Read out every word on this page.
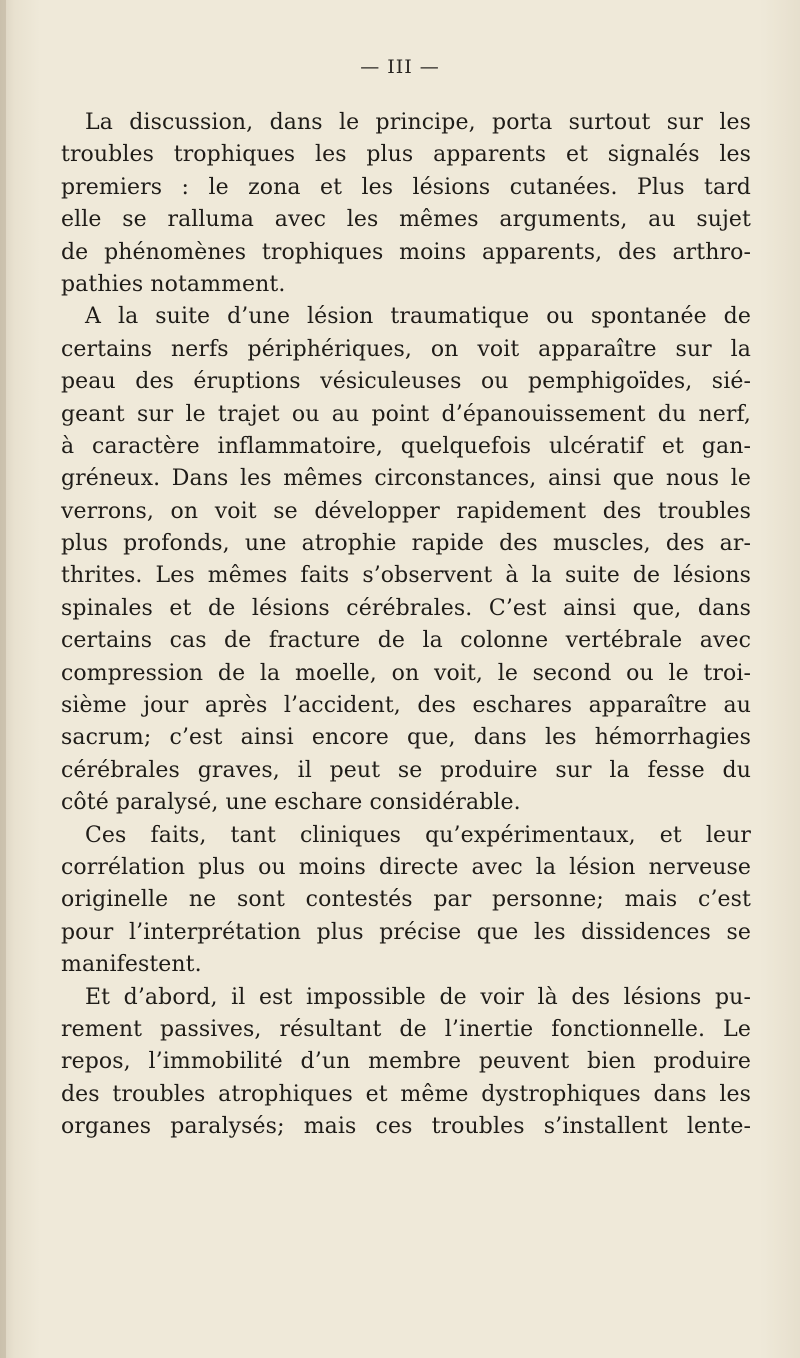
— III —
La discussion, dans le principe, porta surtout sur les
troubles trophiques les plus apparents et signalés les
premiers : le zona et les lésions cutanées. Plus tard
elle se ralluma avec les mêmes arguments, au sujet
de phénomènes trophiques moins apparents, des arthro-
pathies notamment.
A la suite d’une lésion traumatique ou spontanée de
certains nerfs périphériques, on voit apparaître sur la
peau des éruptions vésiculeuses ou pemphigoïdes, sié-
geant sur le trajet ou au point d’épanouissement du nerf,
à caractère inflammatoire, quelquefois ulcératif et gan-
gréneux. Dans les mêmes circonstances, ainsi que nous le
verrons, on voit se développer rapidement des troubles
plus profonds, une atrophie rapide des muscles, des ar-
thrites. Les mêmes faits s’observent à la suite de lésions
spinales et de lésions cérébrales. C’est ainsi que, dans
certains cas de fracture de la colonne vertébrale avec
compression de la moelle, on voit, le second ou le troi-
sième jour après l’accident, des eschares apparaître au
sacrum; c’est ainsi encore que, dans les hémorrhagies
cérébrales graves, il peut se produire sur la fesse du
côté paralysé, une eschare considérable.
Ces faits, tant cliniques qu’expérimentaux, et leur
corrélation plus ou moins directe avec la lésion nerveuse
originelle ne sont contestés par personne; mais c’est
pour l’interprétation plus précise que les dissidences se
manifestent.
Et d’abord, il est impossible de voir là des lésions pu-
rement passives, résultant de l’inertie fonctionnelle. Le
repos, l’immobilité d’un membre peuvent bien produire
des troubles atrophiques et même dystrophiques dans les
organes paralysés; mais ces troubles s’installent lente-
